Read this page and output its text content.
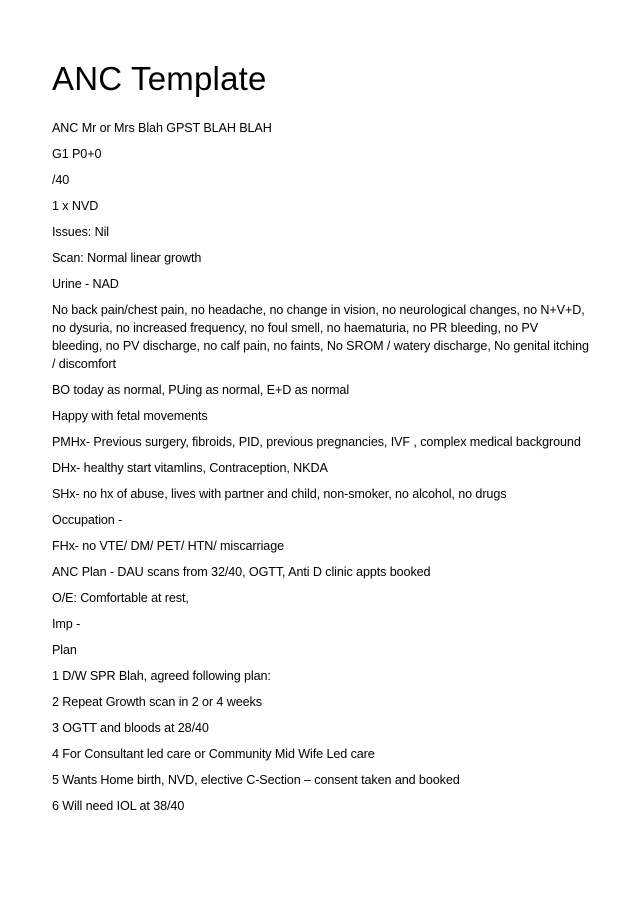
ANC Template
ANC Mr or Mrs Blah GPST BLAH BLAH
G1 P0+0
/40
1 x NVD
Issues: Nil
Scan: Normal linear growth
Urine - NAD
No back pain/chest pain, no headache, no change in vision, no neurological changes, no N+V+D, no dysuria, no increased frequency, no foul smell, no haematuria, no PR bleeding, no PV bleeding, no PV discharge, no calf pain, no faints, No SROM / watery discharge, No genital itching / discomfort
BO today as normal, PUing as normal, E+D as normal
Happy with fetal movements
PMHx- Previous surgery, fibroids, PID, previous pregnancies, IVF , complex medical background
DHx- healthy start vitamlins, Contraception, NKDA
SHx- no hx of abuse, lives with partner and child, non-smoker, no alcohol, no drugs
Occupation -
FHx- no VTE/ DM/ PET/ HTN/ miscarriage
ANC Plan - DAU scans from 32/40, OGTT, Anti D clinic appts booked
O/E: Comfortable at rest,
Imp -
Plan
1 D/W SPR Blah, agreed following plan:
2 Repeat Growth scan in 2 or 4 weeks
3 OGTT and bloods at 28/40
4 For Consultant led care or Community Mid Wife Led care
5 Wants Home birth, NVD, elective C-Section – consent taken and booked
6 Will need IOL at 38/40
